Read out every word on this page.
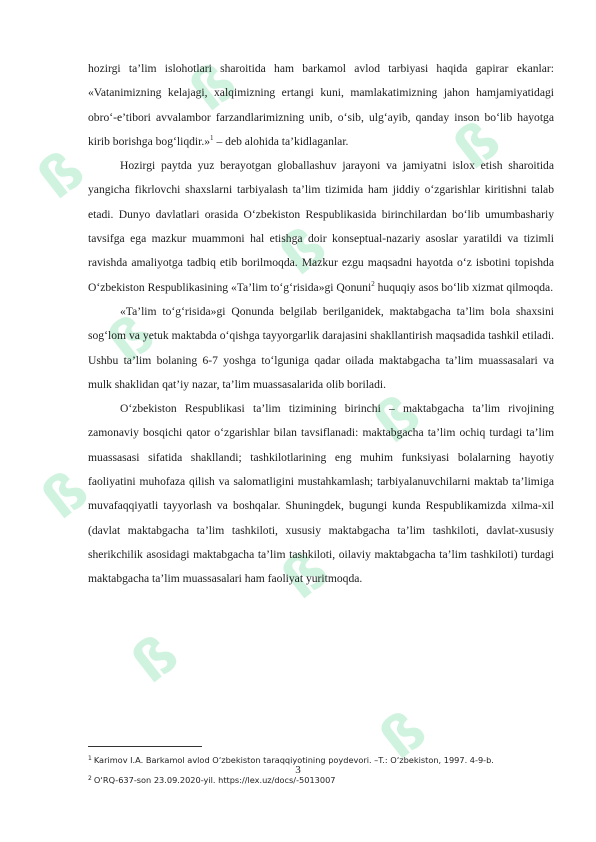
ß
ß
ß
ß
ß
ß
ß
ß
ß
ß

hozirgi ta’lim islohotlari sharoitida ham barkamol avlod tarbiyasi haqida gapirar ekanlar: «Vatanimizning kelajagi, xalqimizning ertangi kuni, mamlakatimizning jahon hamjamiyatidagi obro‘-e’tibori avvalambor farzandlarimizning unib, o‘sib, ulg‘ayib, qanday inson bo‘lib hayotga kirib borishga bog‘liqdir.»$^1$ – deb alohida ta’kidlaganlar.

Hozirgi paytda yuz berayotgan globallashuv jarayoni va jamiyatni islox etish sharoitida yangicha fikrlovchi shaxslarni tarbiyalash ta’lim tizimida ham jiddiy o‘zgarishlar kiritishni talab etadi. Dunyo davlatlari orasida O‘zbekiston Respublikasida birinchilardan bo‘lib umumbashariy tavsifga ega mazkur muammoni hal etishga doir konseptual-nazariy asoslar yaratildi va tizimli ravishda amaliyotga tadbiq etib borilmoqda. Mazkur ezgu maqsadni hayotda o‘z isbotini topishda O‘zbekiston Respublikasining «Ta’lim to‘g‘risida»gi Qonuni$^2$ huquqiy asos bo‘lib xizmat qilmoqda.

«Ta’lim to‘g‘risida»gi Qonunda belgilab berilganidek, maktabgacha ta’lim bola shaxsini sog‘lom va yetuk maktabda o‘qishga tayyorgarlik darajasini shakllantirish maqsadida tashkil etiladi. Ushbu ta’lim bolaning 6-7 yoshga to‘lguniga qadar oilada maktabgacha ta’lim muassasalari va mulk shaklidan qat’iy nazar, ta’lim muassasalarida olib boriladi.

O‘zbekiston Respublikasi ta’lim tizimining birinchi – maktabgacha ta’lim rivojining zamonaviy bosqichi qator o‘zgarishlar bilan tavsiflanadi: maktabgacha ta’lim ochiq turdagi ta’lim muassasasi sifatida shakllandi; tashkilotlarining eng muhim funksiyasi bolalarning hayotiy faoliyatini muhofaza qilish va salomatligini mustahkamlash; tarbiyalanuvchilarni maktab ta’limiga muvafaqqiyatli tayyorlash va boshqalar. Shuningdek, bugungi kunda Respublikamizda xilma-xil (davlat maktabgacha ta’lim tashkiloti, xususiy maktabgacha ta’lim tashkiloti, davlat-xususiy sherikchilik asosidagi maktabgacha ta’lim tashkiloti, oilaviy maktabgacha ta’lim tashkiloti) turdagi maktabgacha ta’lim muassasalari ham faoliyat yuritmoqda.

$^1$ Karimov I.A. Barkamol avlod O‘zbekiston taraqqiyotining poydevori. –T.: O‘zbekiston, 1997. 4-9-b.
$^2$ O‘RQ-637-son 23.09.2020-yil. https://lex.uz/docs/-5013007
3
